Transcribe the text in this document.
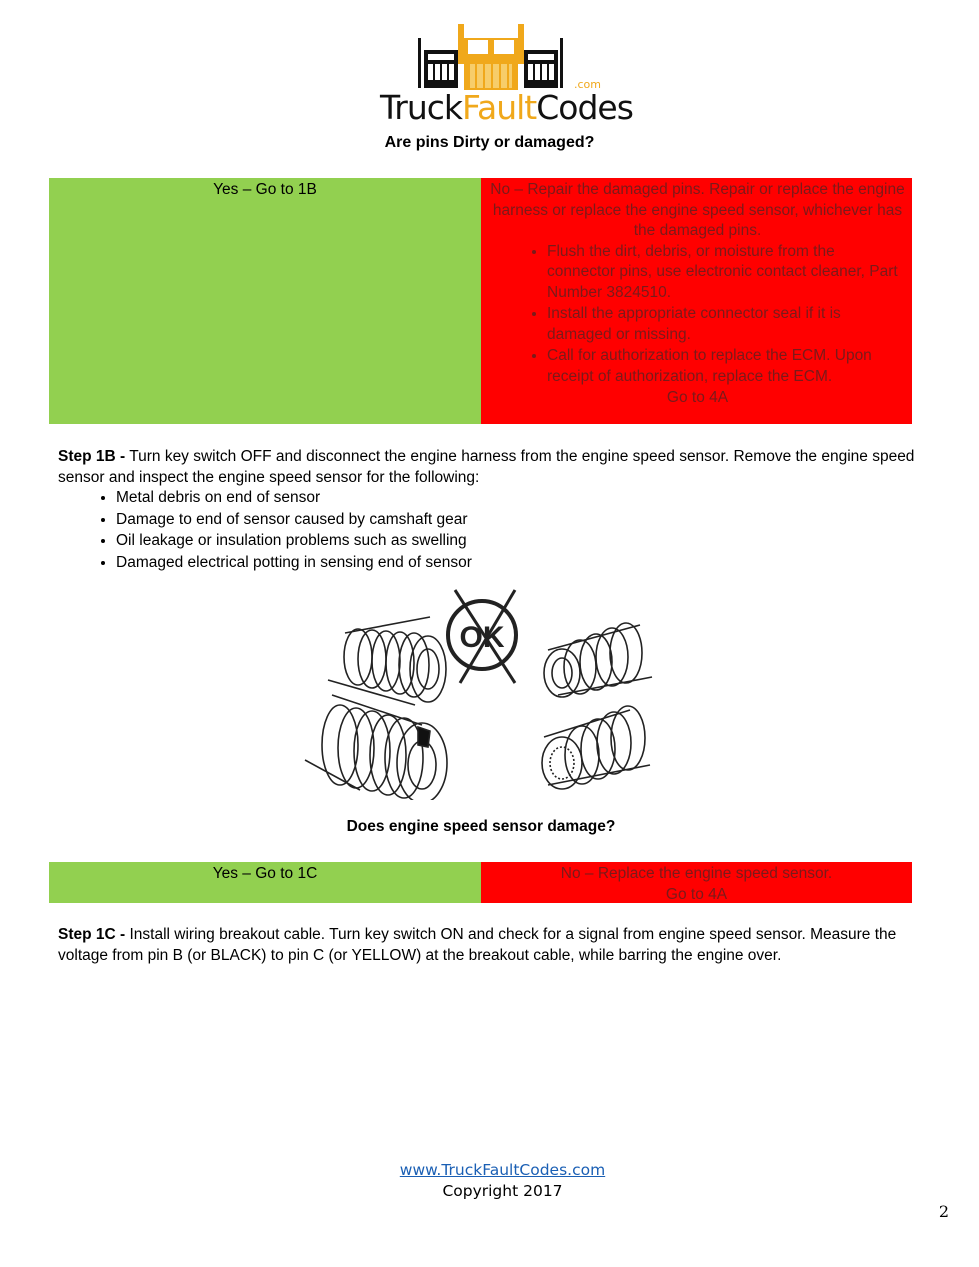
TruckFaultCodes
.com
Are pins Dirty or damaged?
Yes – Go to 1B	No – Repair the damaged pins. Repair or replace the engine harness or replace the engine speed sensor, whichever has the damaged pins.
• Flush the dirt, debris, or moisture from the connector pins, use electronic contact cleaner, Part Number 3824510.
• Install the appropriate connector seal if it is damaged or missing.
• Call for authorization to replace the ECM. Upon receipt of authorization, replace the ECM.
Go to 4A
Step 1B - Turn key switch OFF and disconnect the engine harness from the engine speed sensor. Remove the engine speed sensor and inspect the engine speed sensor for the following:
• Metal debris on end of sensor
• Damage to end of sensor caused by camshaft gear
• Oil leakage or insulation problems such as swelling
• Damaged electrical potting in sensing end of sensor
OK
Does engine speed sensor damage?
Yes – Go to 1C	No – Replace the engine speed sensor.
Go to 4A
Step 1C - Install wiring breakout cable. Turn key switch ON and check for a signal from engine speed sensor. Measure the voltage from pin B (or BLACK) to pin C (or YELLOW) at the breakout cable, while barring the engine over.
www.TruckFaultCodes.com
Copyright 2017
2
